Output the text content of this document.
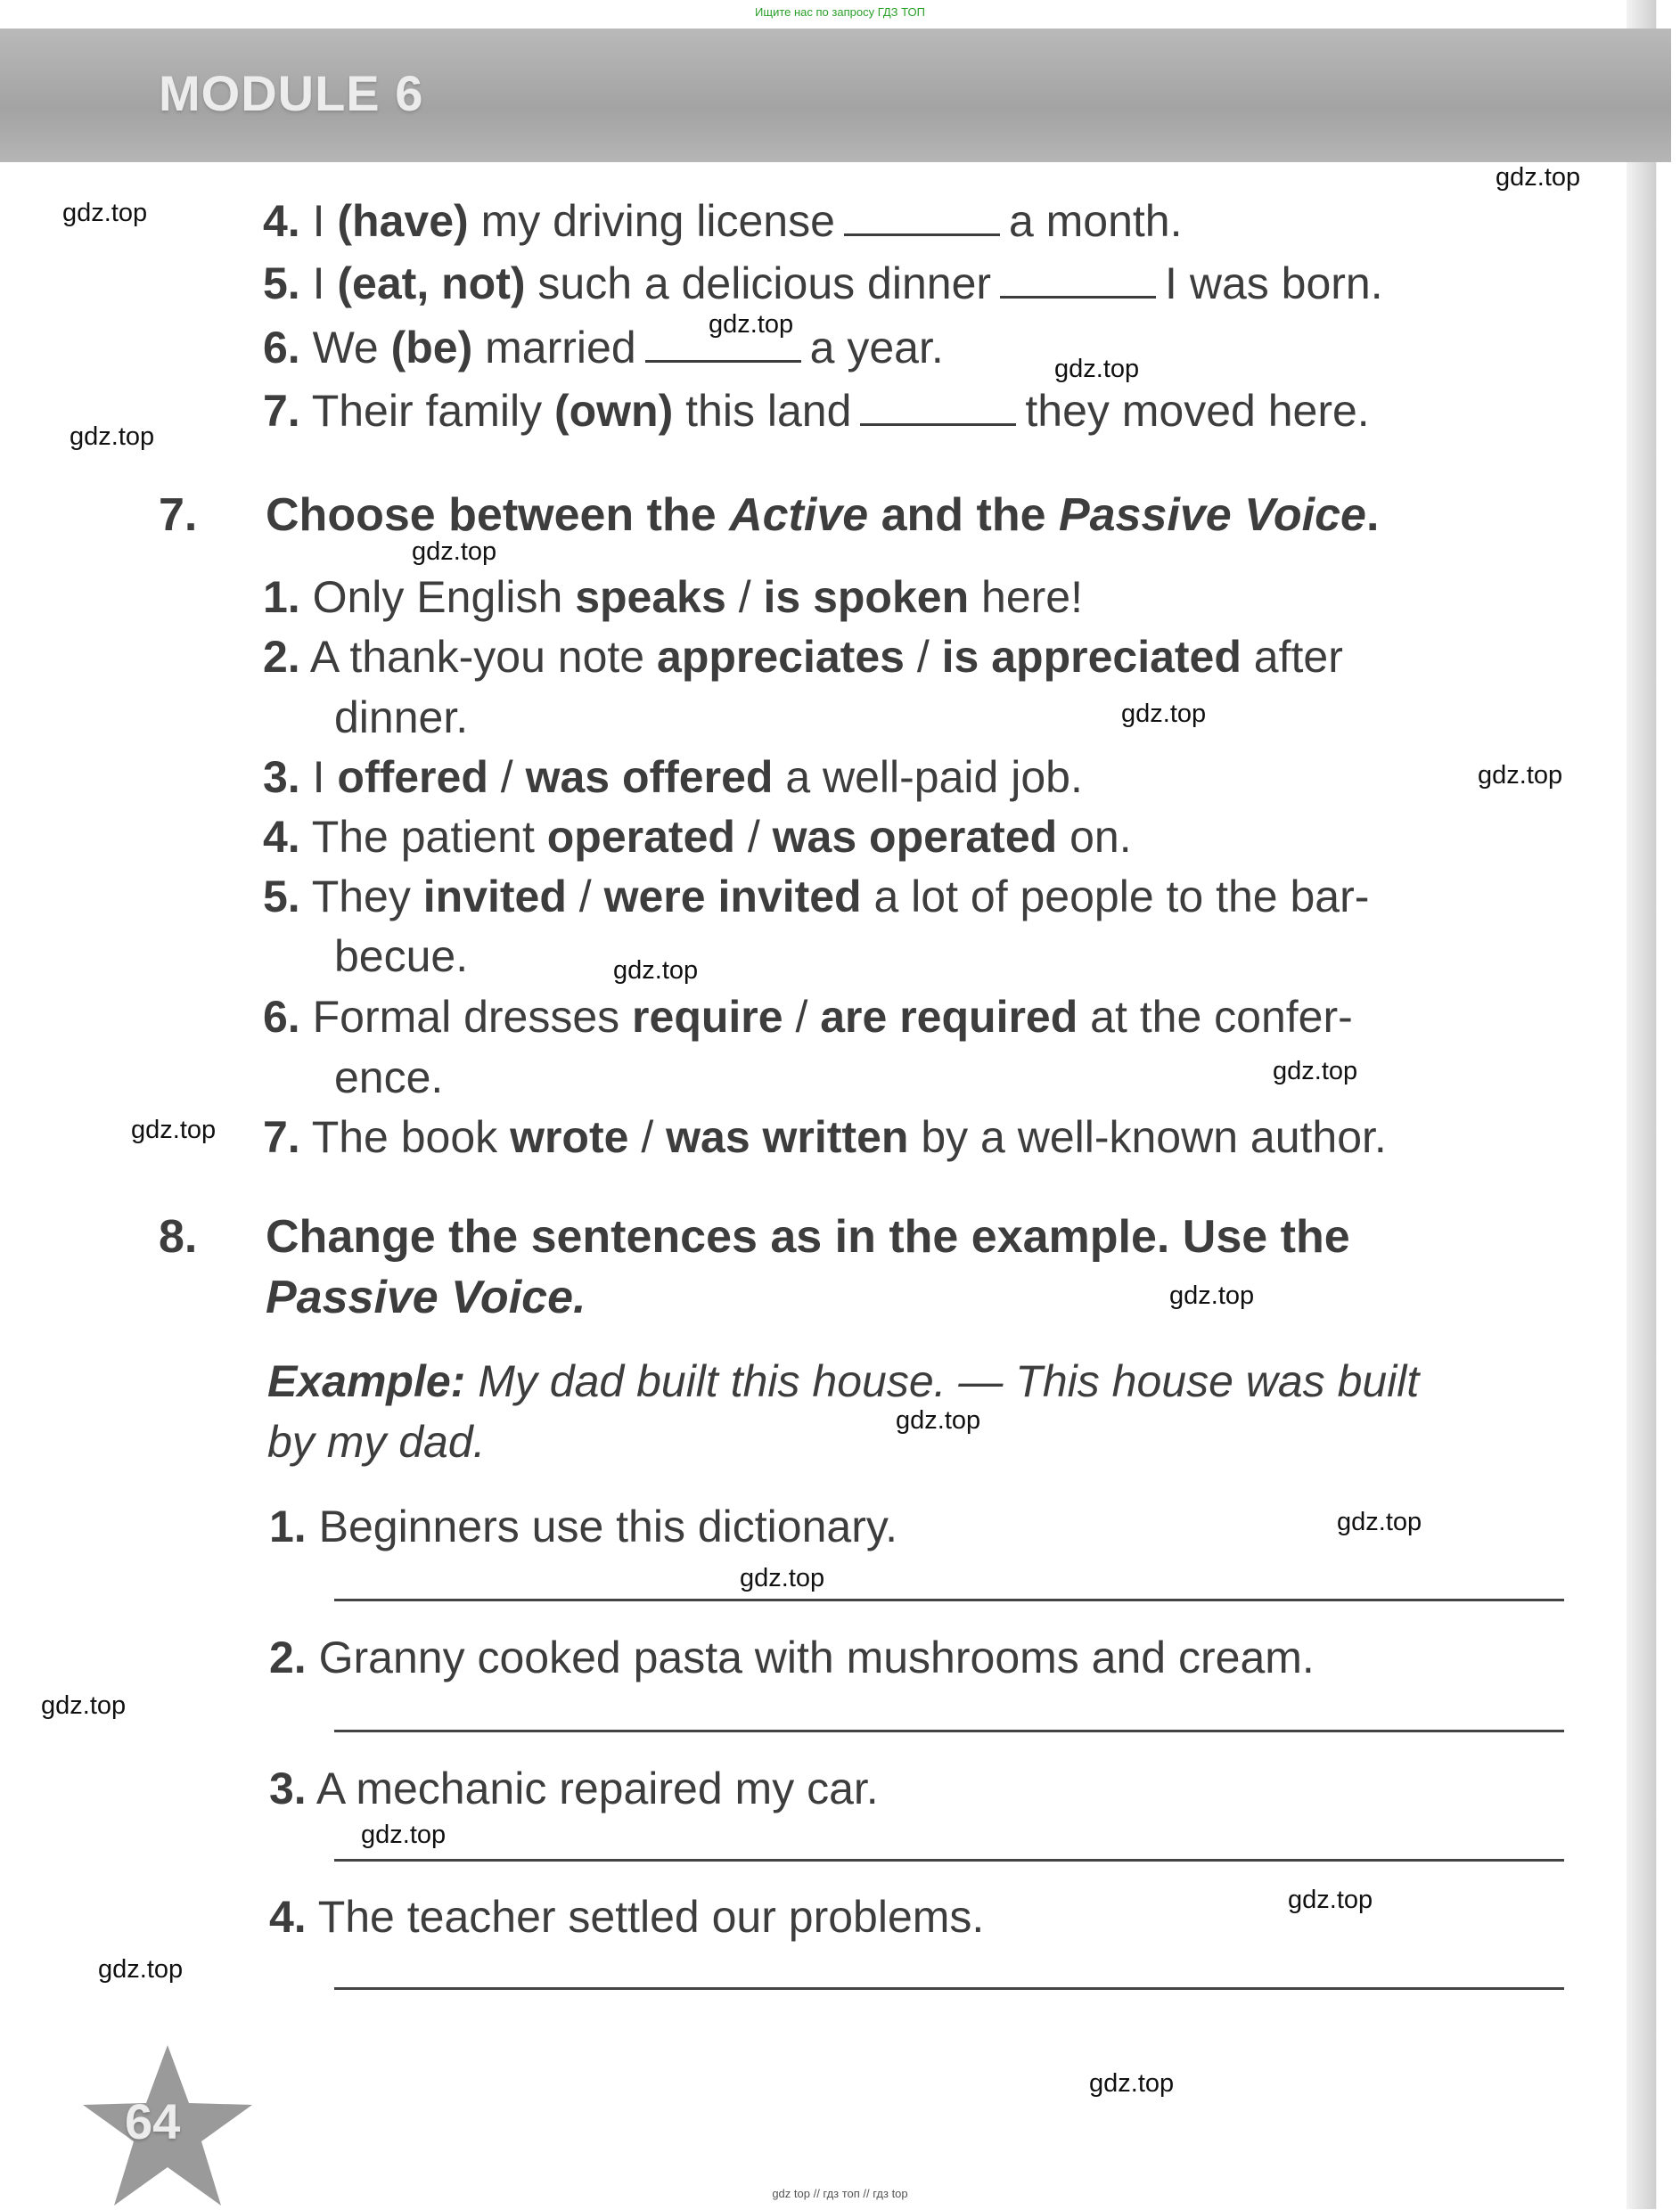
Ищите нас по запросу ГДЗ ТОП
MODULE 6
4. I (have) my driving license	a month.
5. I (eat, not) such a delicious dinner	I was born.
6. We (be) married	a year.
7. Their family (own) this land	they moved here.
7. Choose between the Active and the Passive Voice.
1. Only English speaks / is spoken here!
2. A thank-you note appreciates / is appreciated after
dinner.
3. I offered / was offered a well-paid job.
4. The patient operated / was operated on.
5. They invited / were invited a lot of people to the bar-
becue.
6. Formal dresses require / are required at the confer-
ence.
7. The book wrote / was written by a well-known author.
8. Change the sentences as in the example. Use the
Passive Voice.
Example: My dad built this house. — This house was built
by my dad.
1. Beginners use this dictionary.
2. Granny cooked pasta with mushrooms and cream.
3. A mechanic repaired my car.
4. The teacher settled our problems.
64
gdz.top
gdz.top
gdz.top
gdz.top
gdz.top
gdz.top
gdz.top
gdz.top
gdz.top
gdz.top
gdz.top
gdz.top
gdz.top
gdz.top
gdz.top
gdz.top
gdz.top
gdz.top
gdz.top
gdz.top
gdz top // гдз топ // гдз top
